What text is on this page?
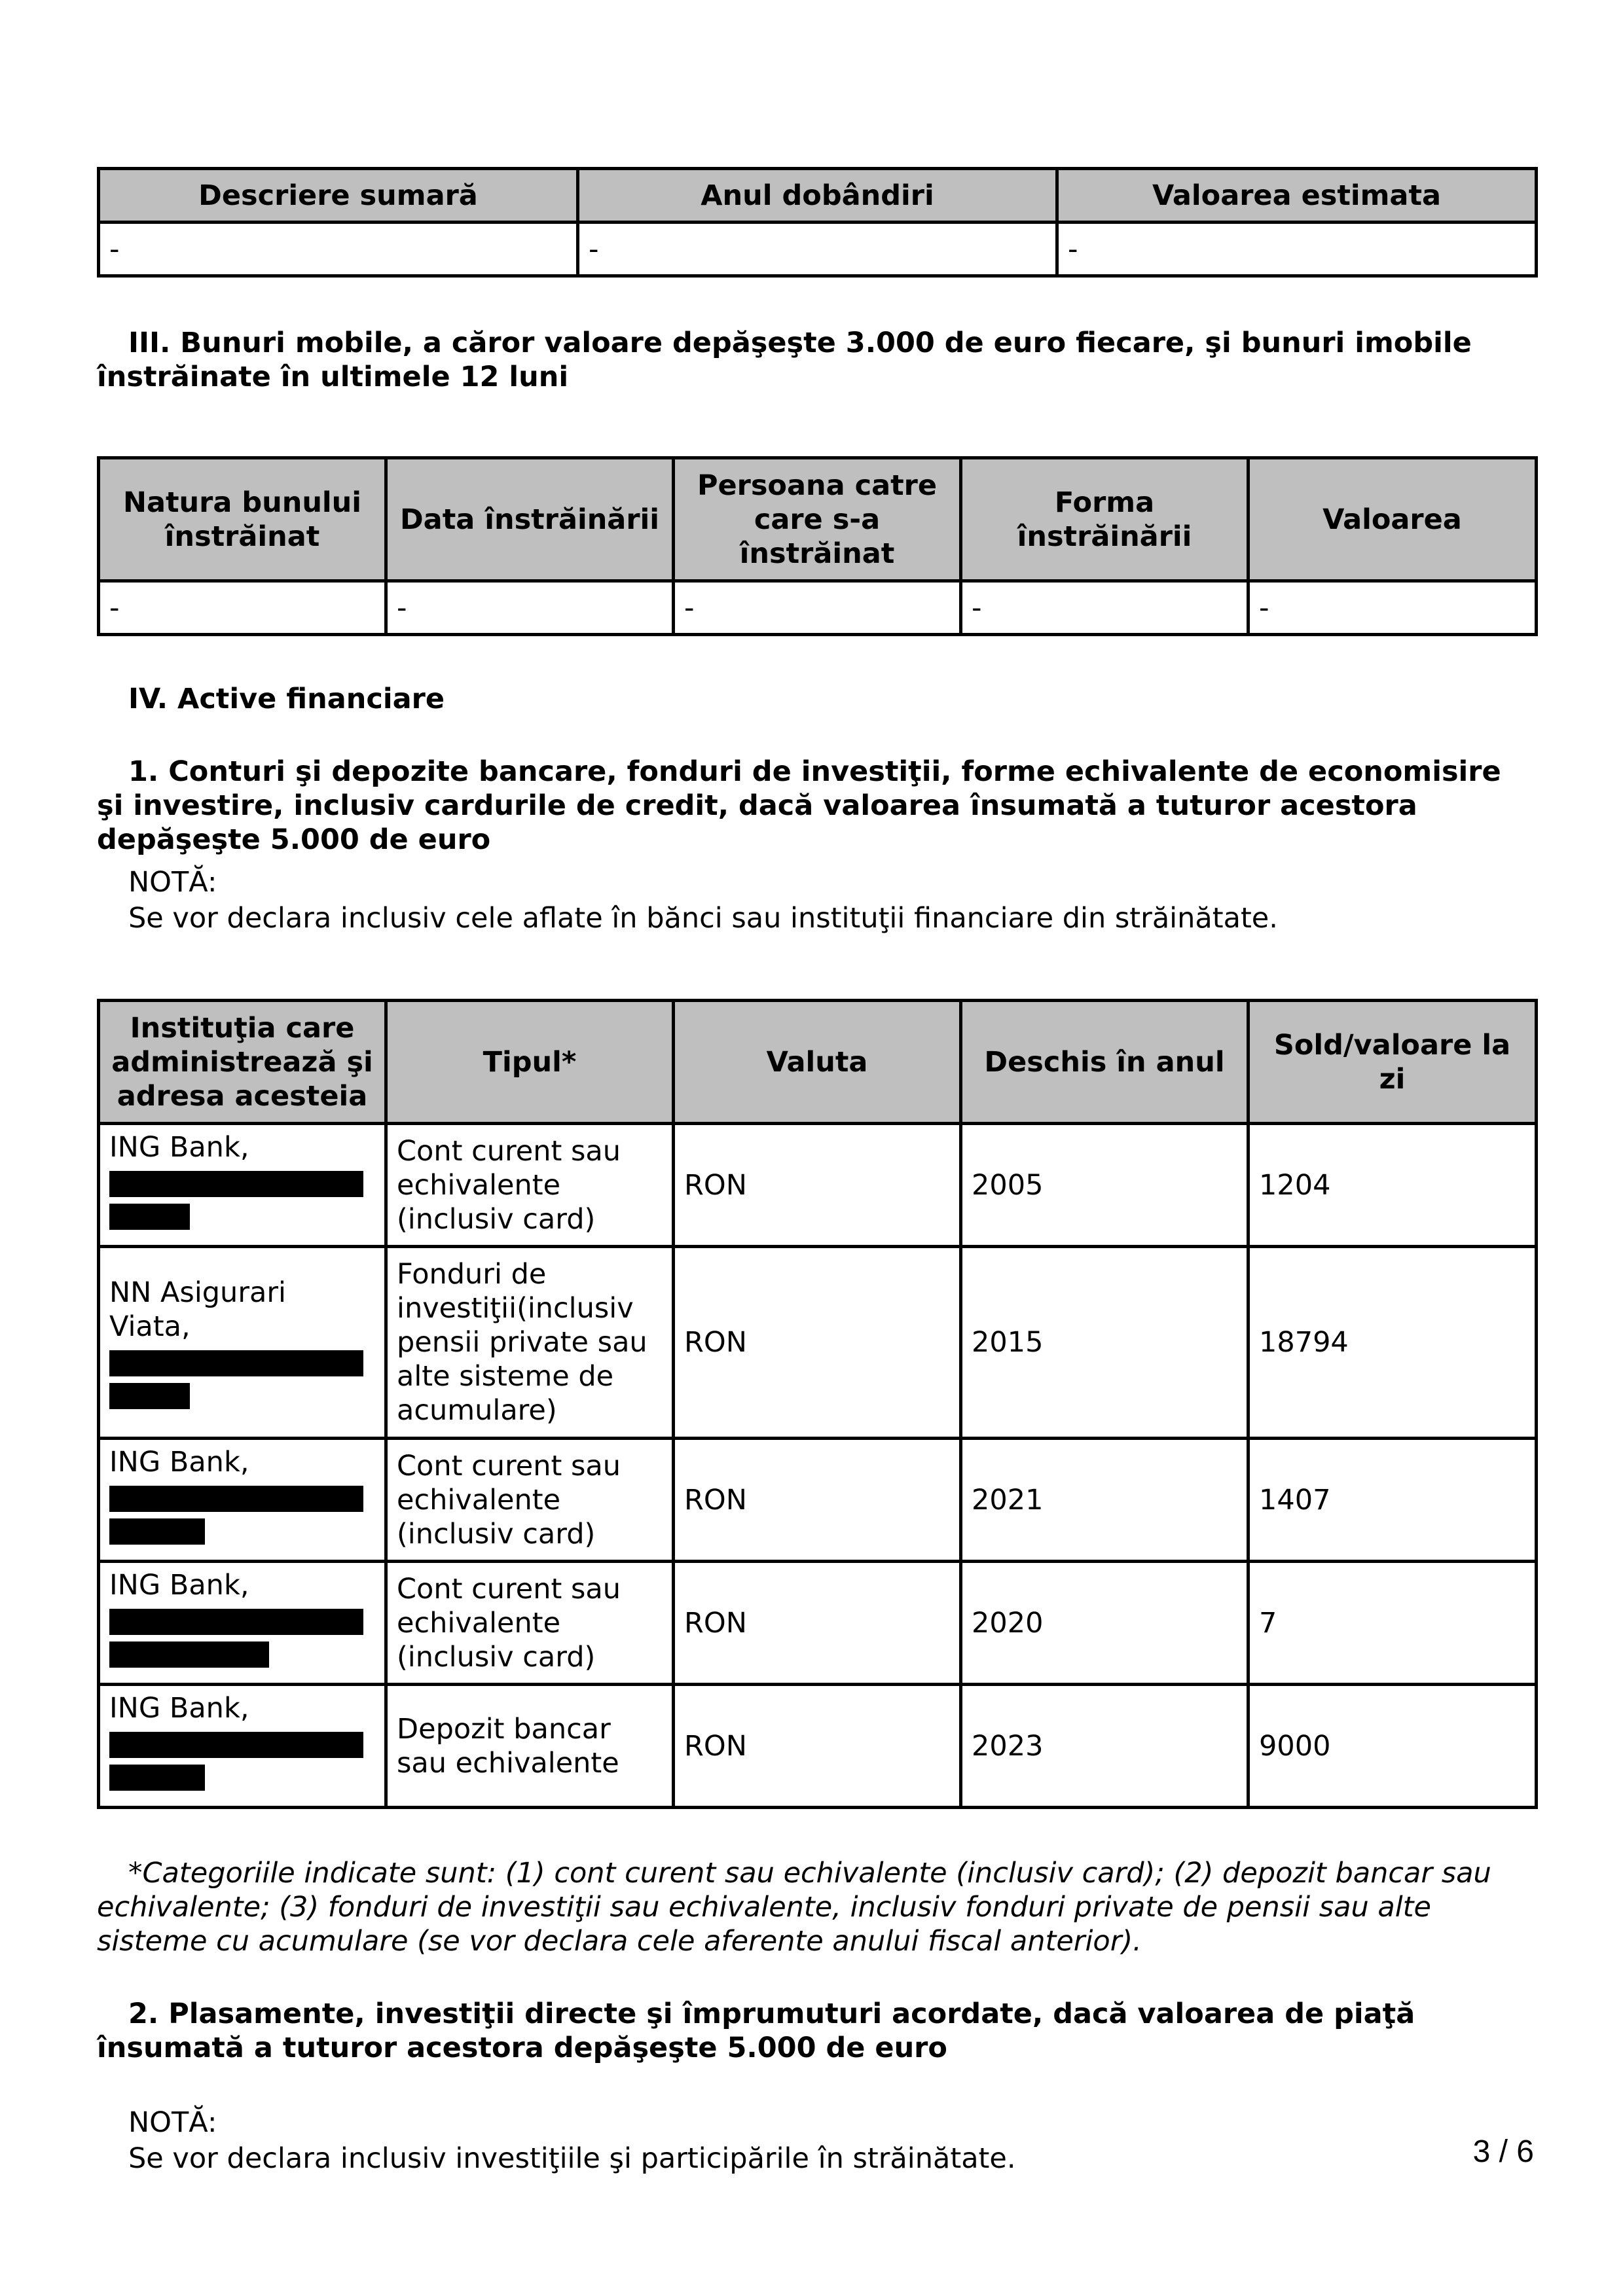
Descriere sumară	Anul dobândiri	Valoarea estimata
-	-	-
III. Bunuri mobile, a căror valoare depăşeşte 3.000 de euro fiecare, şi bunuri imobile înstrăinate în ultimele 12 luni
Natura bunului înstrăinat	Data înstrăinării	Persoana catre care s-a înstrăinat	Forma înstrăinării	Valoarea
-	-	-	-	-
IV. Active financiare
1. Conturi şi depozite bancare, fonduri de investiţii, forme echivalente de economisire şi investire, inclusiv cardurile de credit, dacă valoarea însumată a tuturor acestora depăşeşte 5.000 de euro
NOTĂ:
Se vor declara inclusiv cele aflate în bănci sau instituţii financiare din străinătate.
Instituţia care administrează şi adresa acesteia	Tipul*	Valuta	Deschis în anul	Sold/valoare la zi
ING Bank,	Cont curent sau echivalente (inclusiv card)	RON	2005	1204
NN Asigurari Viata,	Fonduri de investiţii(inclusiv pensii private sau alte sisteme de acumulare)	RON	2015	18794
ING Bank,	Cont curent sau echivalente (inclusiv card)	RON	2021	1407
ING Bank,	Cont curent sau echivalente (inclusiv card)	RON	2020	7
ING Bank,	Depozit bancar sau echivalente	RON	2023	9000
*Categoriile indicate sunt: (1) cont curent sau echivalente (inclusiv card); (2) depozit bancar sau echivalente; (3) fonduri de investiţii sau echivalente, inclusiv fonduri private de pensii sau alte sisteme cu acumulare (se vor declara cele aferente anului fiscal anterior).
2. Plasamente, investiţii directe şi împrumuturi acordate, dacă valoarea de piaţă însumată a tuturor acestora depăşeşte 5.000 de euro
NOTĂ:
Se vor declara inclusiv investiţiile şi participările în străinătate.	3 / 6
